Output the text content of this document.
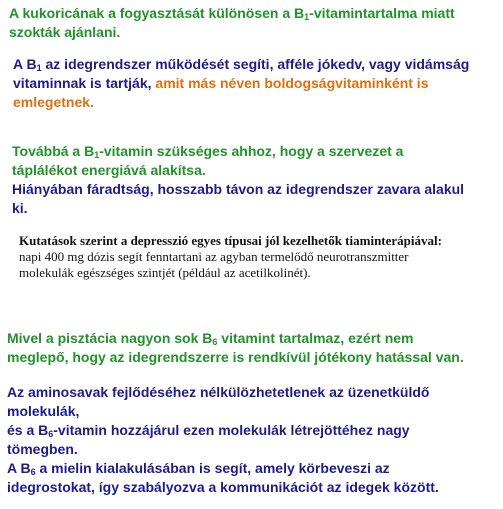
A kukoricának a fogyasztását különösen a $B_1$-vitamintartalma miatt
szokták ajánlani.

A $B_1$ az idegrendszer működését segíti, afféle jókedv, vagy vidámság
vitaminnak is tartják, amit más néven boldogságvitaminként is
emlegetnek.

Továbbá a $B_1$-vitamin szükséges ahhoz, hogy a szervezet a
táplálékot energiává alakítsa.

Hiányában fáradtság, hosszabb távon az idegrendszer zavara alakul
ki.

Kutatások szerint a depresszió egyes típusai jól kezelhetők tiaminterápiával:
napi 400 mg dózis segít fenntartani az agyban termelődő neurotranszmitter
molekulák egészséges szintjét (például az acetilkolinét).

Mivel a pisztácia nagyon sok $B_6$ vitamint tartalmaz, ezért nem
meglepő, hogy az idegrendszerre is rendkívül jótékony hatással van.

Az aminosavak fejlődéséhez nélkülözhetetlenek az üzenetküldő
molekulák,
és a $B_6$-vitamin hozzájárul ezen molekulák létrejöttéhez nagy
tömegben.
A $B_6$ a mielin kialakulásában is segít, amely körbeveszi az
idegrostokat, így szabályozva a kommunikációt az idegek között.
